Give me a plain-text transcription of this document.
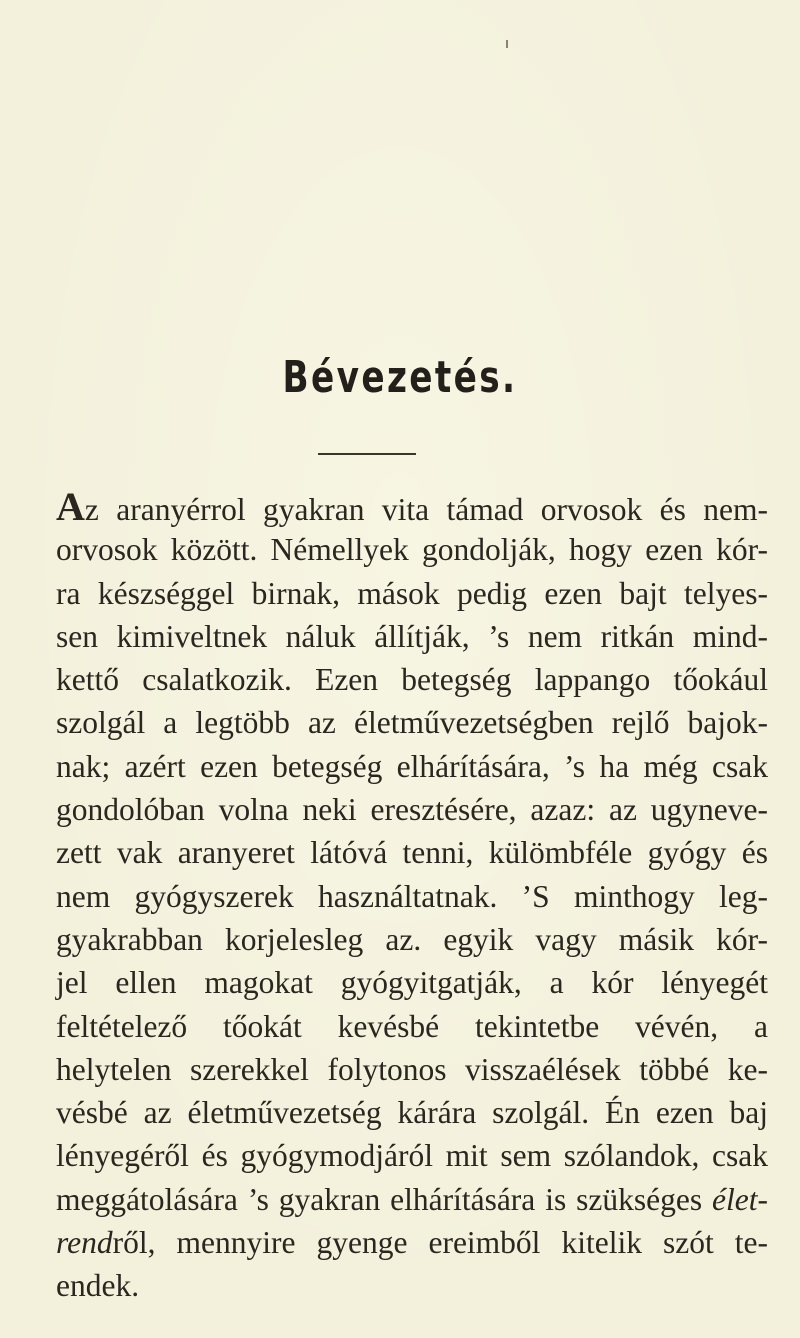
Bévezetés.
Az aranyérrol gyakran vita támad orvosok és nem-
orvosok között. Némellyek gondolják, hogy ezen kór-
ra készséggel birnak, mások pedig ezen bajt telyes-
sen kimiveltnek náluk állítják, ’s nem ritkán mind-
kettő csalatkozik. Ezen betegség lappango tőokául
szolgál a legtöbb az életművezetségben rejlő bajok-
nak; azért ezen betegség elhárítására, ’s ha még csak
gondolóban volna neki eresztésére, azaz: az ugyneve-
zett vak aranyeret látóvá tenni, külömbféle gyógy és
nem gyógyszerek használtatnak. ’S minthogy leg-
gyakrabban korjelesleg az. egyik vagy másik kór-
jel ellen magokat gyógyitgatják, a kór lényegét
feltételező tőokát kevésbé tekintetbe vévén, a
helytelen szerekkel folytonos visszaélések többé ke-
vésbé az életművezetség kárára szolgál. Én ezen baj
lényegéről és gyógymodjáról mit sem szólandok, csak
meggátolására ’s gyakran elhárítására is szükséges élet-
rendről, mennyire gyenge ereimből kitelik szót te-
endek.
